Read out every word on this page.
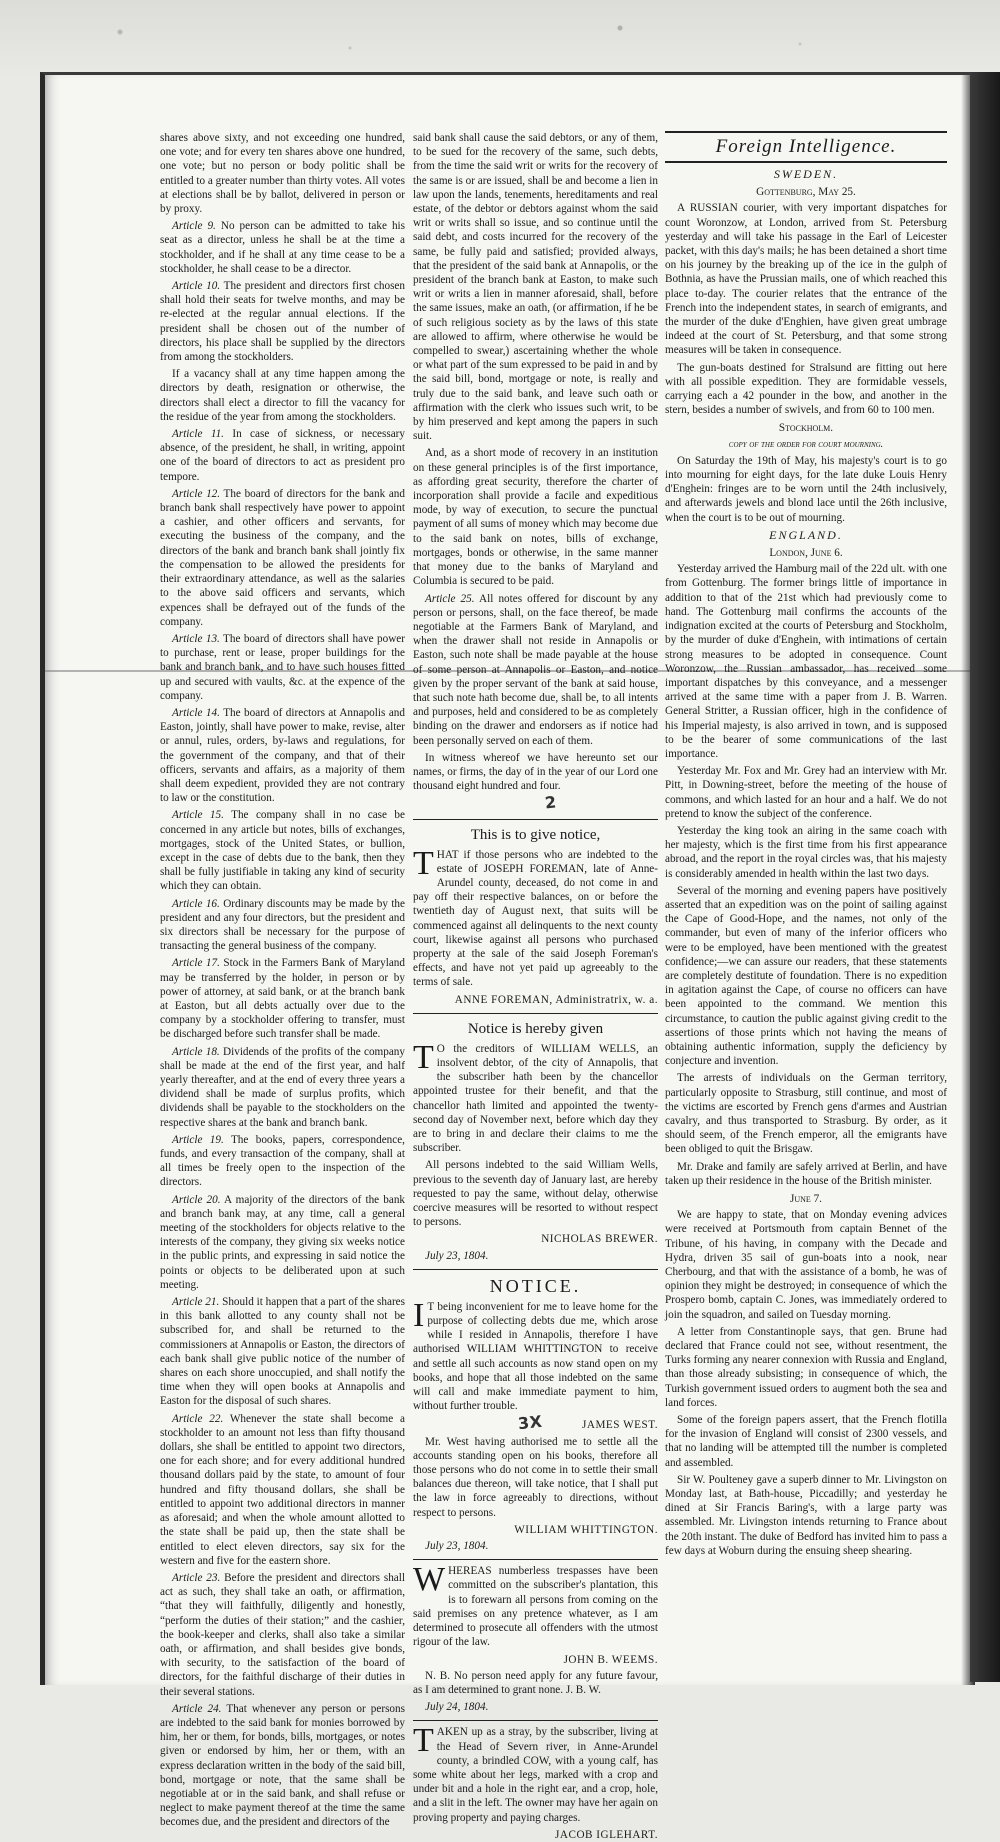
shares above sixty, and not exceeding one hundred, one vote; and for every ten shares above one hundred, one vote; but no person or body politic shall be entitled to a greater number than thirty votes. All votes at elections shall be by ballot, delivered in person or by proxy.

Article 9. No person can be admitted to take his seat as a director, unless he shall be at the time a stockholder, and if he shall at any time cease to be a stockholder, he shall cease to be a director.

Article 10. The president and directors first chosen shall hold their seats for twelve months, and may be re-elected at the regular annual elections. If the president shall be chosen out of the number of directors, his place shall be supplied by the directors from among the stockholders.

If a vacancy shall at any time happen among the directors by death, resignation or otherwise, the directors shall elect a director to fill the vacancy for the residue of the year from among the stockholders.

Article 11. In case of sickness, or necessary absence, of the president, he shall, in writing, appoint one of the board of directors to act as president pro tempore.

Article 12. The board of directors for the bank and branch bank shall respectively have power to appoint a cashier, and other officers and servants, for executing the business of the company, and the directors of the bank and branch bank shall jointly fix the compensation to be allowed the presidents for their extraordinary attendance, as well as the salaries to the above said officers and servants, which expences shall be defrayed out of the funds of the company.

Article 13. The board of directors shall have power to purchase, rent or lease, proper buildings for the bank and branch bank, and to have such houses fitted up and secured with vaults, &c. at the expence of the company.

Article 14. The board of directors at Annapolis and Easton, jointly, shall have power to make, revise, alter or annul, rules, orders, by-laws and regulations, for the government of the company, and that of their officers, servants and affairs, as a majority of them shall deem expedient, provided they are not contrary to law or the constitution.

Article 15. The company shall in no case be concerned in any article but notes, bills of exchanges, mortgages, stock of the United States, or bullion, except in the case of debts due to the bank, then they shall be fully justifiable in taking any kind of security which they can obtain.

Article 16. Ordinary discounts may be made by the president and any four directors, but the president and six directors shall be necessary for the purpose of transacting the general business of the company.

Article 17. Stock in the Farmers Bank of Maryland may be transferred by the holder, in person or by power of attorney, at said bank, or at the branch bank at Easton, but all debts actually over due to the company by a stockholder offering to transfer, must be discharged before such transfer shall be made.

Article 18. Dividends of the profits of the company shall be made at the end of the first year, and half yearly thereafter, and at the end of every three years a dividend shall be made of surplus profits, which dividends shall be payable to the stockholders on the respective shares at the bank and branch bank.

Article 19. The books, papers, correspondence, funds, and every transaction of the company, shall at all times be freely open to the inspection of the directors.

Article 20. A majority of the directors of the bank and branch bank may, at any time, call a general meeting of the stockholders for objects relative to the interests of the company, they giving six weeks notice in the public prints, and expressing in said notice the points or objects to be deliberated upon at such meeting.

Article 21. Should it happen that a part of the shares in this bank allotted to any county shall not be subscribed for, and shall be returned to the commissioners at Annapolis or Easton, the directors of each bank shall give public notice of the number of shares on each shore unoccupied, and shall notify the time when they will open books at Annapolis and Easton for the disposal of such shares.

Article 22. Whenever the state shall become a stockholder to an amount not less than fifty thousand dollars, she shall be entitled to appoint two directors, one for each shore; and for every additional hundred thousand dollars paid by the state, to amount of four hundred and fifty thousand dollars, she shall be entitled to appoint two additional directors in manner as aforesaid; and when the whole amount allotted to the state shall be paid up, then the state shall be entitled to elect eleven directors, say six for the western and five for the eastern shore.

Article 23. Before the president and directors shall act as such, they shall take an oath, or affirmation, “that they will faithfully, diligently and honestly, “perform the duties of their station;” and the cashier, the book-keeper and clerks, shall also take a similar oath, or affirmation, and shall besides give bonds, with security, to the satisfaction of the board of directors, for the faithful discharge of their duties in their several stations.

Article 24. That whenever any person or persons are indebted to the said bank for monies borrowed by him, her or them, for bonds, bills, mortgages, or notes given or endorsed by him, her or them, with an express declaration written in the body of the said bill, bond, mortgage or note, that the same shall be negotiable at or in the said bank, and shall refuse or neglect to make payment thereof at the time the same becomes due, and the president and directors of the

said bank shall cause the said debtors, or any of them, to be sued for the recovery of the same, such debts, from the time the said writ or writs for the recovery of the same is or are issued, shall be and become a lien in law upon the lands, tenements, hereditaments and real estate, of the debtor or debtors against whom the said writ or writs shall so issue, and so continue until the said debt, and costs incurred for the recovery of the same, be fully paid and satisfied; provided always, that the president of the said bank at Annapolis, or the president of the branch bank at Easton, to make such writ or writs a lien in manner aforesaid, shall, before the same issues, make an oath, (or affirmation, if he be of such religious society as by the laws of this state are allowed to affirm, where otherwise he would be compelled to swear,) ascertaining whether the whole or what part of the sum expressed to be paid in and by the said bill, bond, mortgage or note, is really and truly due to the said bank, and leave such oath or affirmation with the clerk who issues such writ, to be by him preserved and kept among the papers in such suit.

And, as a short mode of recovery in an institution on these general principles is of the first importance, as affording great security, therefore the charter of incorporation shall provide a facile and expeditious mode, by way of execution, to secure the punctual payment of all sums of money which may become due to the said bank on notes, bills of exchange, mortgages, bonds or otherwise, in the same manner that money due to the banks of Maryland and Columbia is secured to be paid.

Article 25. All notes offered for discount by any person or persons, shall, on the face thereof, be made negotiable at the Farmers Bank of Maryland, and when the drawer shall not reside in Annapolis or Easton, such note shall be made payable at the house of some person at Annapolis or Easton, and notice given by the proper servant of the bank at said house, that such note hath become due, shall be, to all intents and purposes, held and considered to be as completely binding on the drawer and endorsers as if notice had been personally served on each of them.

In witness whereof we have hereunto set our names, or firms, the day of in the year of our Lord one thousand eight hundred and four.

2
This is to give notice,

THAT if those persons who are indebted to the estate of JOSEPH FOREMAN, late of Anne-Arundel county, deceased, do not come in and pay off their respective balances, on or before the twentieth day of August next, that suits will be commenced against all delinquents to the next county court, likewise against all persons who purchased property at the sale of the said Joseph Foreman's effects, and have not yet paid up agreeably to the terms of sale.

ANNE FOREMAN, Administratrix, w. a.
Notice is hereby given

TO the creditors of WILLIAM WELLS, an insolvent debtor, of the city of Annapolis, that the subscriber hath been by the chancellor appointed trustee for their benefit, and that the chancellor hath limited and appointed the twenty-second day of November next, before which day they are to bring in and declare their claims to me the subscriber.

All persons indebted to the said William Wells, previous to the seventh day of January last, are hereby requested to pay the same, without delay, otherwise coercive measures will be resorted to without respect to persons.

NICHOLAS BREWER.

July 23, 1804.

NOTICE.

IT being inconvenient for me to leave home for the purpose of collecting debts due me, which arose while I resided in Annapolis, therefore I have authorised WILLIAM WHITTINGTON to receive and settle all such accounts as now stand open on my books, and hope that all those indebted on the same will call and make immediate payment to him, without further trouble.

3X	JAMES WEST.

Mr. West having authorised me to settle all the accounts standing open on his books, therefore all those persons who do not come in to settle their small balances due thereon, will take notice, that I shall put the law in force agreeably to directions, without respect to persons.

WILLIAM WHITTINGTON.

July 23, 1804.

WHEREAS numberless trespasses have been committed on the subscriber's plantation, this is to forewarn all persons from coming on the said premises on any pretence whatever, as I am determined to prosecute all offenders with the utmost rigour of the law.

JOHN B. WEEMS.

N. B. No person need apply for any future favour, as I am determined to grant none. J. B. W.

July 24, 1804.

TAKEN up as a stray, by the subscriber, living at the Head of Severn river, in Anne-Arundel county, a brindled COW, with a young calf, has some white about her legs, marked with a crop and under bit and a hole in the right ear, and a crop, hole, and a slit in the left. The owner may have her again on proving property and paying charges.

JACOB IGLEHART.
Foreign Intelligence.
SWEDEN.
Gottenburg, May 25.

A RUSSIAN courier, with very important dispatches for count Woronzow, at London, arrived from St. Petersburg yesterday and will take his passage in the Earl of Leicester packet, with this day's mails; he has been detained a short time on his journey by the breaking up of the ice in the gulph of Bothnia, as have the Prussian mails, one of which reached this place to-day. The courier relates that the entrance of the French into the independent states, in search of emigrants, and the murder of the duke d'Enghien, have given great umbrage indeed at the court of St. Petersburg, and that some strong measures will be taken in consequence.

The gun-boats destined for Stralsund are fitting out here with all possible expedition. They are formidable vessels, carrying each a 42 pounder in the bow, and another in the stern, besides a number of swivels, and from 60 to 100 men.

Stockholm.
copy of the order for court mourning.

On Saturday the 19th of May, his majesty's court is to go into mourning for eight days, for the late duke Louis Henry d'Enghein: fringes are to be worn until the 24th inclusively, and afterwards jewels and blond lace until the 26th inclusive, when the court is to be out of mourning.

ENGLAND.
London, June 6.

Yesterday arrived the Hamburg mail of the 22d ult. with one from Gottenburg. The former brings little of importance in addition to that of the 21st which had previously come to hand. The Gottenburg mail confirms the accounts of the indignation excited at the courts of Petersburg and Stockholm, by the murder of duke d'Enghein, with intimations of certain strong measures to be adopted in consequence. Count Woronzow, the Russian ambassador, has received some important dispatches by this conveyance, and a messenger arrived at the same time with a paper from J. B. Warren. General Stritter, a Russian officer, high in the confidence of his Imperial majesty, is also arrived in town, and is supposed to be the bearer of some communications of the last importance.

Yesterday Mr. Fox and Mr. Grey had an interview with Mr. Pitt, in Downing-street, before the meeting of the house of commons, and which lasted for an hour and a half. We do not pretend to know the subject of the conference.

Yesterday the king took an airing in the same coach with her majesty, which is the first time from his first appearance abroad, and the report in the royal circles was, that his majesty is considerably amended in health within the last two days.

Several of the morning and evening papers have positively asserted that an expedition was on the point of sailing against the Cape of Good-Hope, and the names, not only of the commander, but even of many of the inferior officers who were to be employed, have been mentioned with the greatest confidence;—we can assure our readers, that these statements are completely destitute of foundation. There is no expedition in agitation against the Cape, of course no officers can have been appointed to the command. We mention this circumstance, to caution the public against giving credit to the assertions of those prints which not having the means of obtaining authentic information, supply the deficiency by conjecture and invention.

The arrests of individuals on the German territory, particularly opposite to Strasburg, still continue, and most of the victims are escorted by French gens d'armes and Austrian cavalry, and thus transported to Strasburg. By order, as it should seem, of the French emperor, all the emigrants have been obliged to quit the Brisgaw.

Mr. Drake and family are safely arrived at Berlin, and have taken up their residence in the house of the British minister.

June 7.

We are happy to state, that on Monday evening advices were received at Portsmouth from captain Bennet of the Tribune, of his having, in company with the Decade and Hydra, driven 35 sail of gun-boats into a nook, near Cherbourg, and that with the assistance of a bomb, he was of opinion they might be destroyed; in consequence of which the Prospero bomb, captain C. Jones, was immediately ordered to join the squadron, and sailed on Tuesday morning.

A letter from Constantinople says, that gen. Brune had declared that France could not see, without resentment, the Turks forming any nearer connexion with Russia and England, than those already subsisting; in consequence of which, the Turkish government issued orders to augment both the sea and land forces.

Some of the foreign papers assert, that the French flotilla for the invasion of England will consist of 2300 vessels, and that no landing will be attempted till the number is completed and assembled.

Sir W. Poulteney gave a superb dinner to Mr. Livingston on Monday last, at Bath-house, Piccadilly; and yesterday he dined at Sir Francis Baring's, with a large party was assembled. Mr. Livingston intends returning to France about the 20th instant. The duke of Bedford has invited him to pass a few days at Woburn during the ensuing sheep shearing.
